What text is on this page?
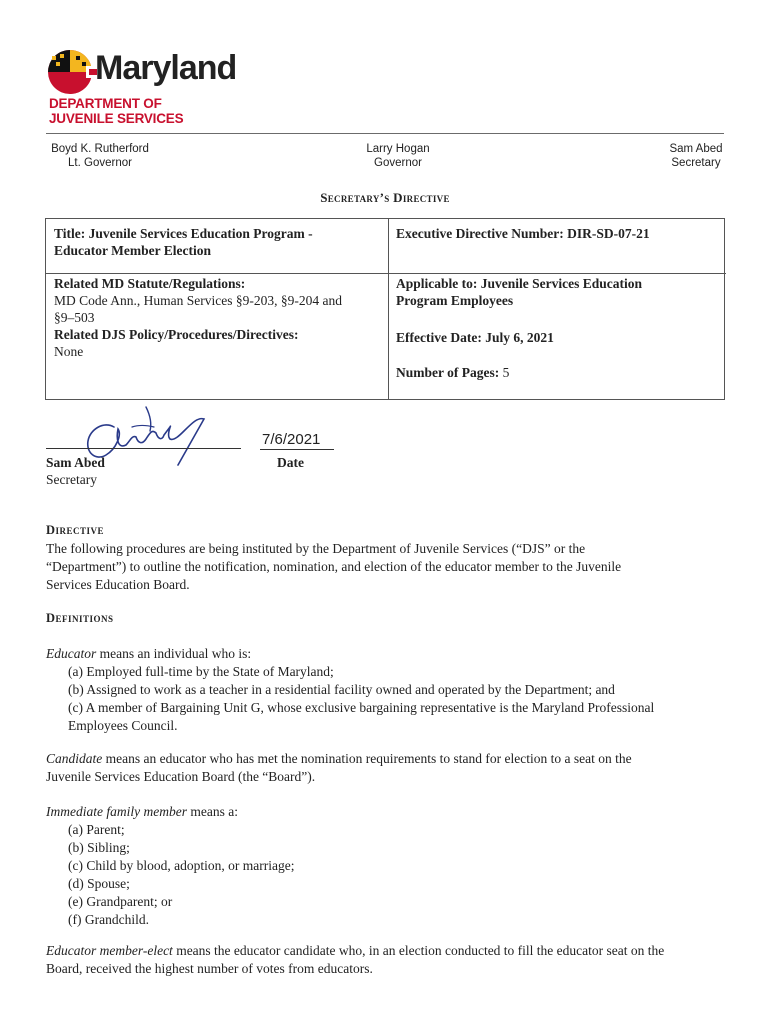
Maryland
DEPARTMENT OF
JUVENILE SERVICES
Boyd K. Rutherford
Lt. Governor
Larry Hogan
Governor
Sam Abed
Secretary
Secretary’s Directive
Title: Juvenile Services Education Program -
Educator Member Election
Executive Directive Number: DIR-SD-07-21
Related MD Statute/Regulations:
MD Code Ann., Human Services §9-203, §9-204 and
§9–503
Related DJS Policy/Procedures/Directives:
None
Applicable to: Juvenile Services Education
Program Employees
Effective Date: July 6, 2021
Number of Pages: 5
7/6/2021
Sam Abed
Secretary
Date
Directive

The following procedures are being instituted by the Department of Juvenile Services (“DJS” or the

“Department”) to outline the notification, nomination, and election of the educator member to the Juvenile

Services Education Board.

Definitions

Educator means an individual who is:

(a) Employed full-time by the State of Maryland;

(b) Assigned to work as a teacher in a residential facility owned and operated by the Department; and

(c) A member of Bargaining Unit G, whose exclusive bargaining representative is the Maryland Professional

Employees Council.

Candidate means an educator who has met the nomination requirements to stand for election to a seat on the

Juvenile Services Education Board (the “Board”).

Immediate family member means a:

(a) Parent;

(b) Sibling;

(c) Child by blood, adoption, or marriage;

(d) Spouse;

(e) Grandparent; or

(f) Grandchild.

Educator member-elect means the educator candidate who, in an election conducted to fill the educator seat on the

Board, received the highest number of votes from educators.
